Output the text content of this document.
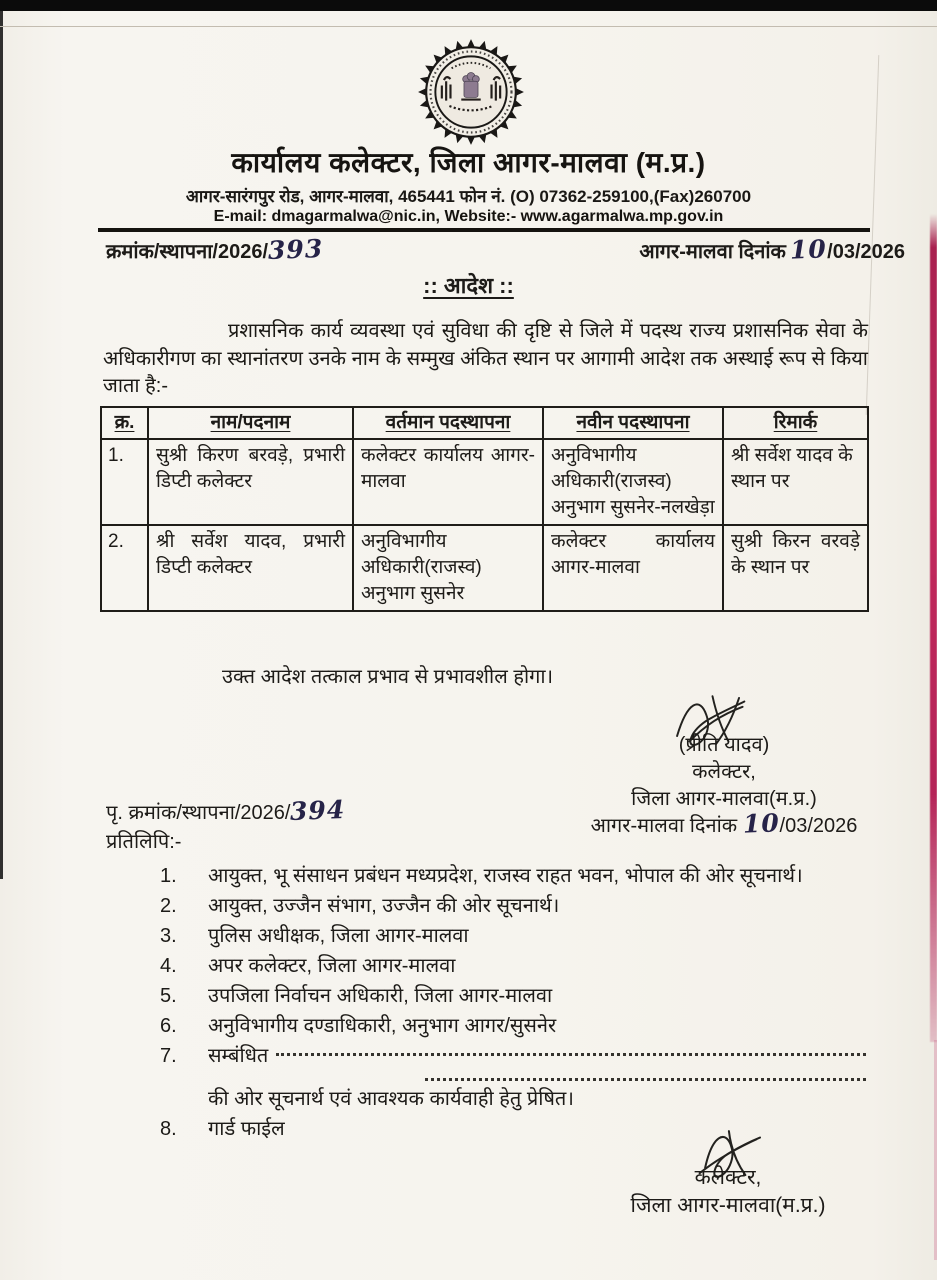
कार्यालय कलेक्टर, जिला आगर-मालवा (म.प्र.)
आगर-सारंगपुर रोड, आगर-मालवा, 465441 फोन नं. (O) 07362-259100,(Fax)260700
E-mail: dmagarmalwa@nic.in, Website:- www.agarmalwa.mp.gov.in
क्रमांक/स्थापना/2026/393	आगर-मालवा दिनांक 10/03/2026
:: आदेश ::
प्रशासनिक कार्य व्यवस्था एवं सुविधा की दृष्टि से जिले में पदस्थ राज्य प्रशासनिक सेवा के अधिकारीगण का स्थानांतरण उनके नाम के सम्मुख अंकित स्थान पर आगामी आदेश तक अस्थाई रूप से किया जाता है:-
क्र.	नाम/पदनाम	वर्तमान पदस्थापना	नवीन पदस्थापना	रिमार्क
1.	सुश्री किरण बरवड़े, प्रभारी डिप्टी कलेक्टर	कलेक्टर कार्यालय आगर-मालवा	अनुविभागीय अधिकारी(राजस्व) अनुभाग सुसनेर-नलखेड़ा	श्री सर्वेश यादव के स्थान पर
2.	श्री सर्वेश यादव, प्रभारी डिप्टी कलेक्टर	अनुविभागीय अधिकारी(राजस्व) अनुभाग सुसनेर	कलेक्टर कार्यालय आगर-मालवा	सुश्री किरन वरवड़े के स्थान पर
उक्त आदेश तत्काल प्रभाव से प्रभावशील होगा।
(प्रीति यादव)
कलेक्टर,
जिला आगर-मालवा(म.प्र.)
आगर-मालवा दिनांक 10/03/2026
पृ. क्रमांक/स्थापना/2026/394
प्रतिलिपि:-
1.	आयुक्त, भू संसाधन प्रबंधन मध्यप्रदेश, राजस्व राहत भवन, भोपाल की ओर सूचनार्थ।
2.	आयुक्त, उज्जैन संभाग, उज्जैन की ओर सूचनार्थ।
3.	पुलिस अधीक्षक, जिला आगर-मालवा
4.	अपर कलेक्टर, जिला आगर-मालवा
5.	उपजिला निर्वाचन अधिकारी, जिला आगर-मालवा
6.	अनुविभागीय दण्डाधिकारी, अनुभाग आगर/सुसनेर
7.	सम्बंधित
की ओर सूचनार्थ एवं आवश्यक कार्यवाही हेतु प्रेषित।
8.	गार्ड फाईल
कलेक्टर,
जिला आगर-मालवा(म.प्र.)
